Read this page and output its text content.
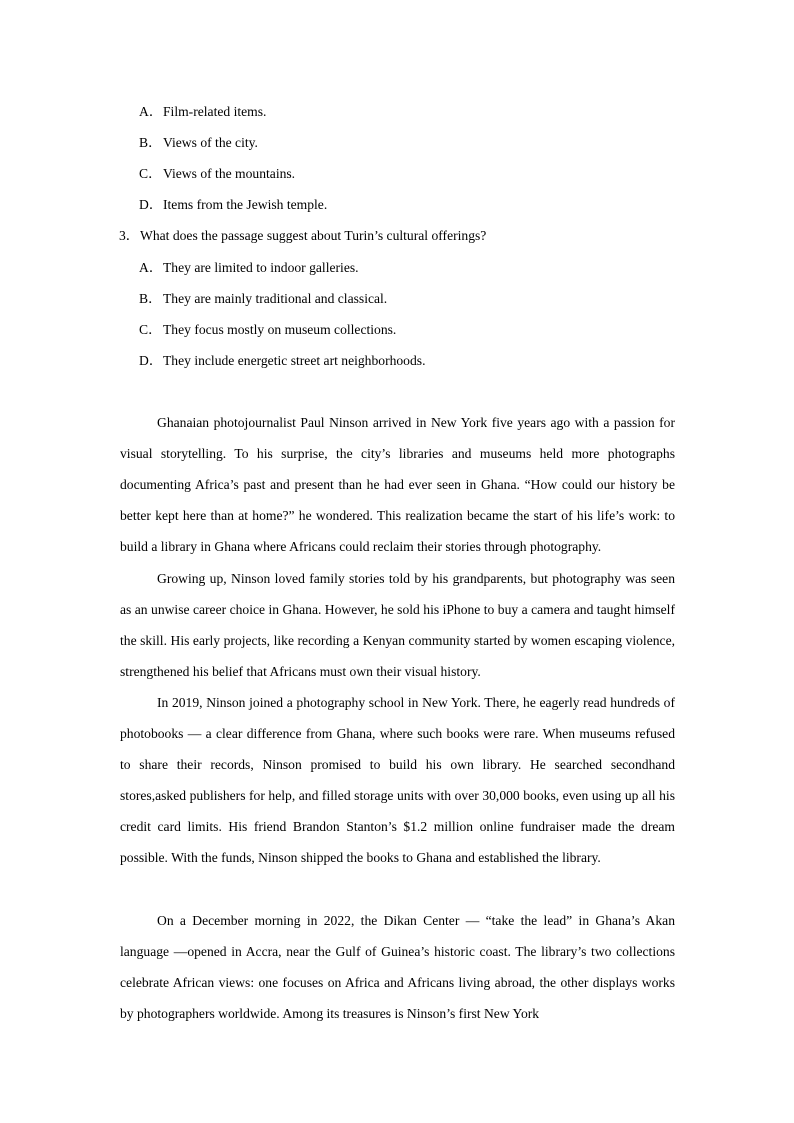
A．Film-related items.
B．Views of the city.
C．Views of the mountains.
D．Items from the Jewish temple.
3．What does the passage suggest about Turin’s cultural offerings?
A．They are limited to indoor galleries.
B．They are mainly traditional and classical.
C．They focus mostly on museum collections.
D．They include energetic street art neighborhoods.

Ghanaian photojournalist Paul Ninson arrived in New York five years ago with a passion for visual storytelling. To his surprise, the city’s libraries and museums held more photographs documenting Africa’s past and present than he had ever seen in Ghana. “How could our history be better kept here than at home?” he wondered. This realization became the start of his life’s work: to build a library in Ghana where Africans could reclaim their stories through photography.

Growing up, Ninson loved family stories told by his grandparents, but photography was seen as an unwise career choice in Ghana. However, he sold his iPhone to buy a camera and taught himself the skill. His early projects, like recording a Kenyan community started by women escaping violence, strengthened his belief that Africans must own their visual history.

In 2019, Ninson joined a photography school in New York. There, he eagerly read hundreds of photobooks — a clear difference from Ghana, where such books were rare. When museums refused to share their records, Ninson promised to build his own library. He searched secondhand stores,asked publishers for help, and filled storage units with over 30,000 books, even using up all his credit card limits. His friend Brandon Stanton’s $1.2 million online fundraiser made the dream possible. With the funds, Ninson shipped the books to Ghana and established the library.

On a December morning in 2022, the Dikan Center — “take the lead” in Ghana’s Akan language —opened in Accra, near the Gulf of Guinea’s historic coast. The library’s two collections celebrate African views: one focuses on Africa and Africans living abroad, the other displays works by photographers worldwide. Among its treasures is Ninson’s first New York
